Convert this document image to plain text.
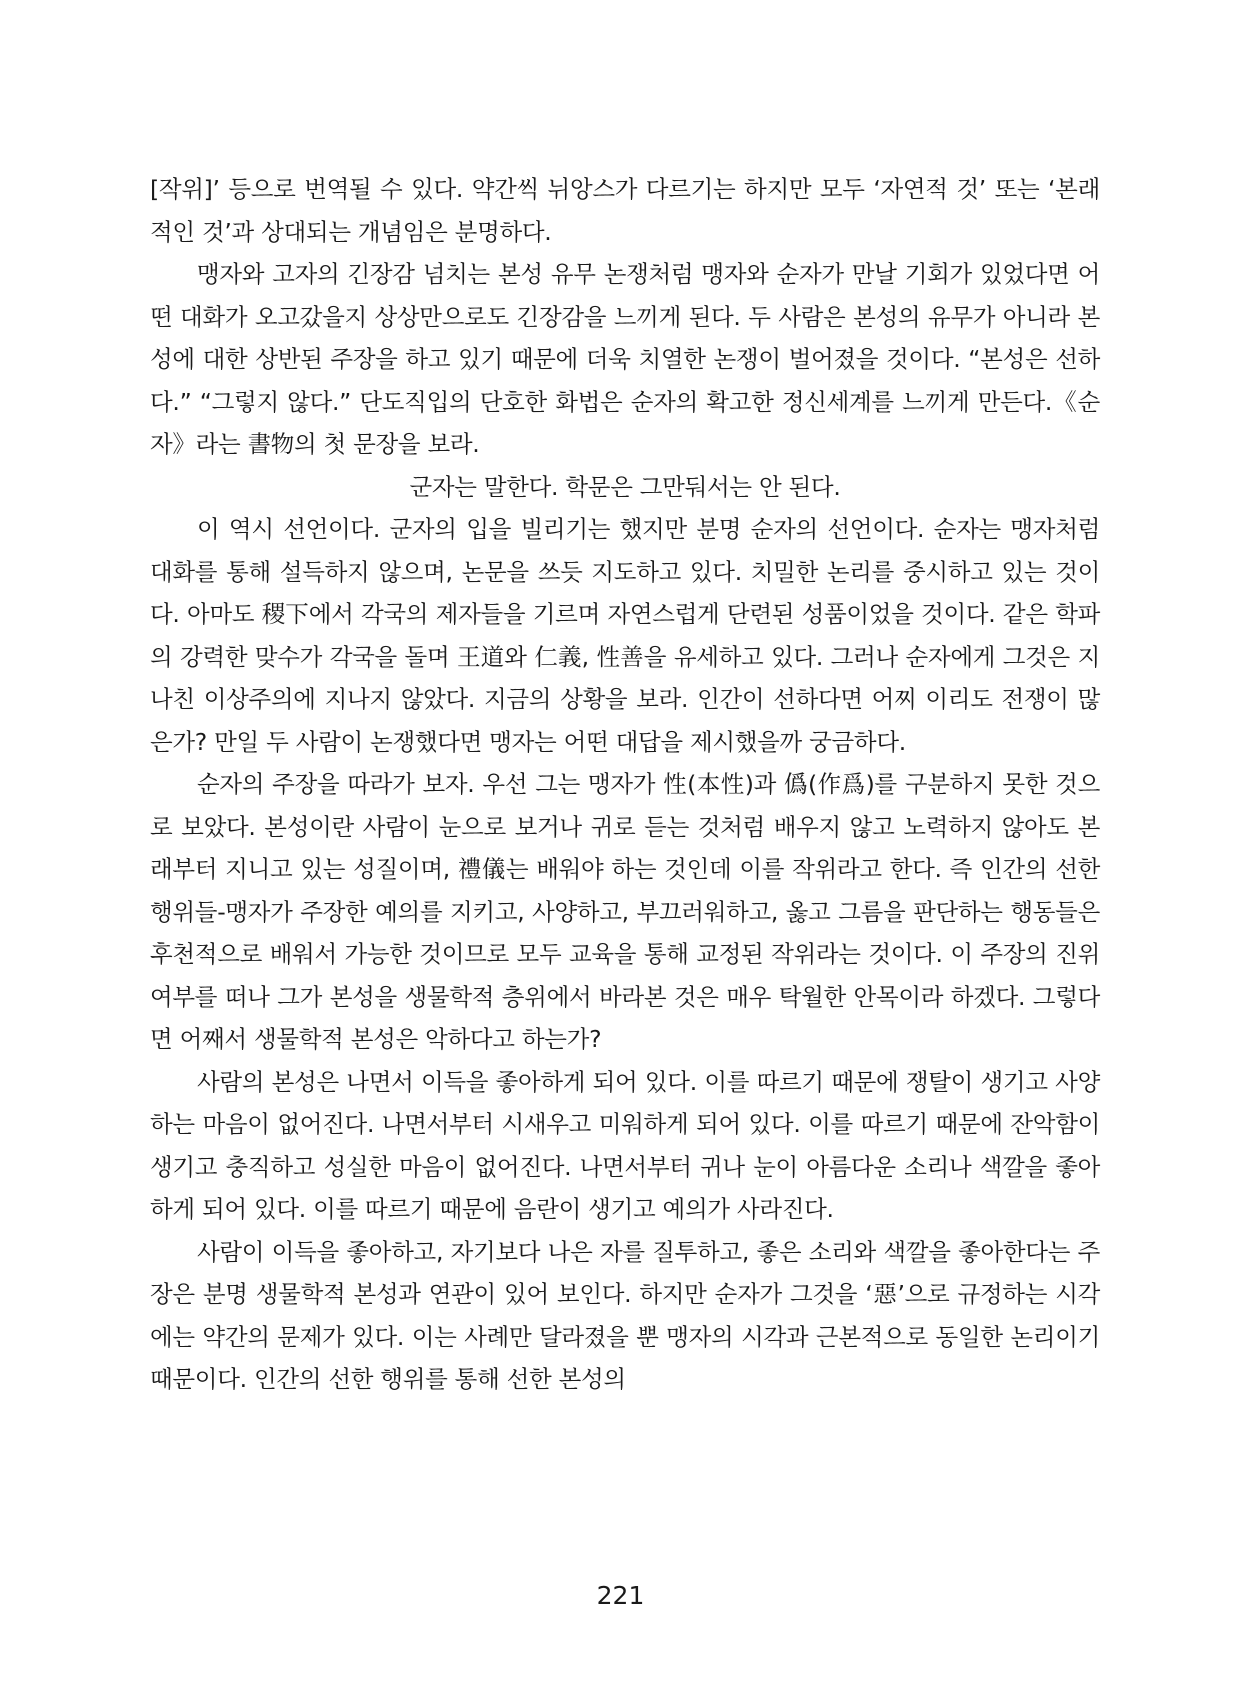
[작위]’ 등으로 번역될 수 있다. 약간씩 뉘앙스가 다르기는 하지만 모두 ‘자연적 것’ 또는 ‘본래적인 것’과 상대되는 개념임은 분명하다.

맹자와 고자의 긴장감 넘치는 본성 유무 논쟁처럼 맹자와 순자가 만날 기회가 있었다면 어떤 대화가 오고갔을지 상상만으로도 긴장감을 느끼게 된다. 두 사람은 본성의 유무가 아니라 본성에 대한 상반된 주장을 하고 있기 때문에 더욱 치열한 논쟁이 벌어졌을 것이다. “본성은 선하다.” “그렇지 않다.” 단도직입의 단호한 화법은 순자의 확고한 정신세계를 느끼게 만든다.《순자》라는 書物의 첫 문장을 보라.

군자는 말한다. 학문은 그만둬서는 안 된다.

이 역시 선언이다. 군자의 입을 빌리기는 했지만 분명 순자의 선언이다. 순자는 맹자처럼 대화를 통해 설득하지 않으며, 논문을 쓰듯 지도하고 있다. 치밀한 논리를 중시하고 있는 것이다. 아마도 稷下에서 각국의 제자들을 기르며 자연스럽게 단련된 성품이었을 것이다. 같은 학파의 강력한 맞수가 각국을 돌며 王道와 仁義, 性善을 유세하고 있다. 그러나 순자에게 그것은 지나친 이상주의에 지나지 않았다. 지금의 상황을 보라. 인간이 선하다면 어찌 이리도 전쟁이 많은가? 만일 두 사람이 논쟁했다면 맹자는 어떤 대답을 제시했을까 궁금하다.

순자의 주장을 따라가 보자. 우선 그는 맹자가 性(本性)과 僞(作爲)를 구분하지 못한 것으로 보았다. 본성이란 사람이 눈으로 보거나 귀로 듣는 것처럼 배우지 않고 노력하지 않아도 본래부터 지니고 있는 성질이며, 禮儀는 배워야 하는 것인데 이를 작위라고 한다. 즉 인간의 선한 행위들-맹자가 주장한 예의를 지키고, 사양하고, 부끄러워하고, 옳고 그름을 판단하는 행동들은 후천적으로 배워서 가능한 것이므로 모두 교육을 통해 교정된 작위라는 것이다. 이 주장의 진위여부를 떠나 그가 본성을 생물학적 층위에서 바라본 것은 매우 탁월한 안목이라 하겠다. 그렇다면 어째서 생물학적 본성은 악하다고 하는가?

사람의 본성은 나면서 이득을 좋아하게 되어 있다. 이를 따르기 때문에 쟁탈이 생기고 사양하는 마음이 없어진다. 나면서부터 시새우고 미워하게 되어 있다. 이를 따르기 때문에 잔악함이 생기고 충직하고 성실한 마음이 없어진다. 나면서부터 귀나 눈이 아름다운 소리나 색깔을 좋아하게 되어 있다. 이를 따르기 때문에 음란이 생기고 예의가 사라진다.

사람이 이득을 좋아하고, 자기보다 나은 자를 질투하고, 좋은 소리와 색깔을 좋아한다는 주장은 분명 생물학적 본성과 연관이 있어 보인다. 하지만 순자가 그것을 ‘惡’으로 규정하는 시각에는 약간의 문제가 있다. 이는 사례만 달라졌을 뿐 맹자의 시각과 근본적으로 동일한 논리이기 때문이다. 인간의 선한 행위를 통해 선한 본성의

221
